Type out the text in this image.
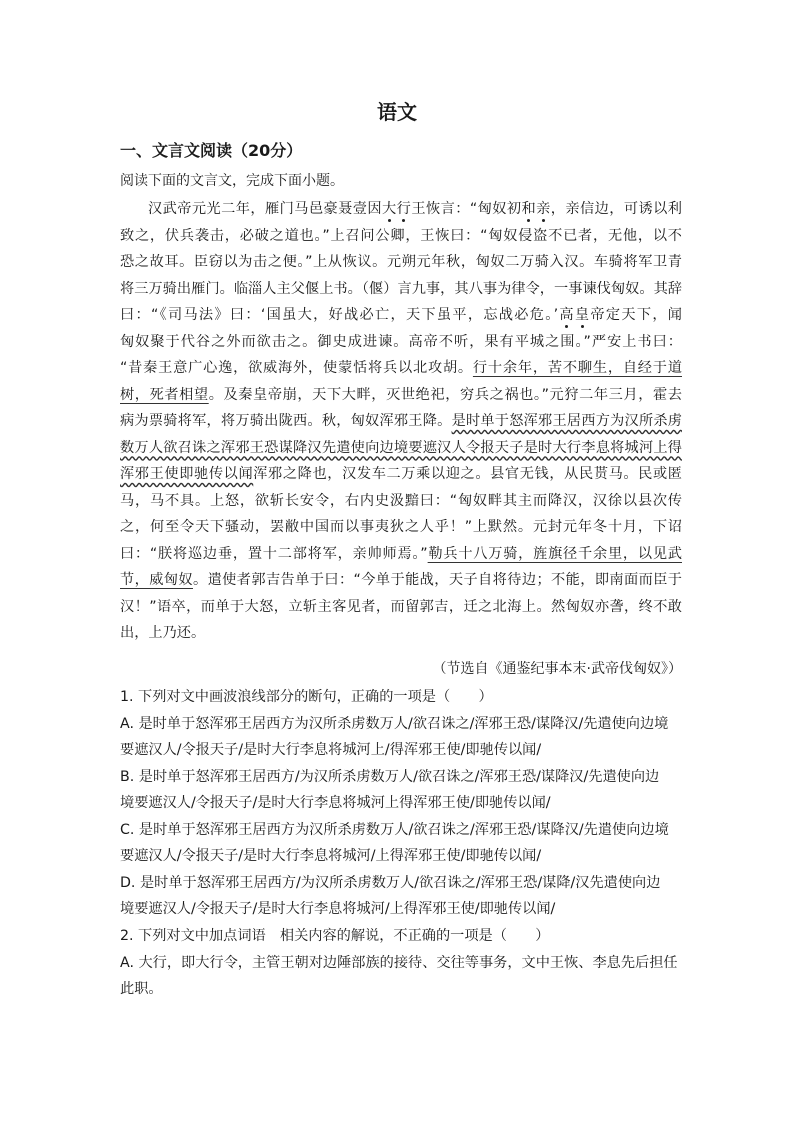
语文
一、文言文阅读（20分）
阅读下面的文言文，完成下面小题。
汉武帝元光二年，雁门马邑豪聂壹因大行王恢言：“匈奴初和亲，亲信边，可诱以利
致之，伏兵袭击，必破之道也。”上召问公卿，王恢曰：“匈奴侵盗不已者，无他，以不
恐之故耳。臣窃以为击之便。”上从恢议。元朔元年秋，匈奴二万骑入汉。车骑将军卫青
将三万骑出雁门。临淄人主父偃上书。（偃）言九事，其八事为律令，一事谏伐匈奴。其辞
曰：“《司马法》曰：‘国虽大，好战必亡，天下虽平，忘战必危。’高皇帝定天下，闻
匈奴聚于代谷之外而欲击之。御史成进谏。高帝不听，果有平城之围。”严安上书曰：
“昔秦王意广心逸，欲威海外，使蒙恬将兵以北攻胡。行十余年，苦不聊生，自经于道
树，死者相望。及秦皇帝崩，天下大畔，灭世绝祀，穷兵之祸也。”元狩二年三月，霍去
病为票骑将军，将万骑出陇西。秋，匈奴浑邪王降。是时单于怒浑邪王居西方为汉所杀虏
数万人欲召诛之浑邪王恐谋降汉先遣使向边境要遮汉人令报天子是时大行李息将城河上得
浑邪王使即驰传以闻浑邪之降也，汉发车二万乘以迎之。县官无钱，从民贳马。民或匿
马，马不具。上怒，欲斩长安令，右内史汲黯曰：“匈奴畔其主而降汉，汉徐以县次传
之，何至令天下骚动，罢敝中国而以事夷狄之人乎！”上默然。元封元年冬十月，下诏
曰：“朕将巡边垂，置十二部将军，亲帅师焉。”勒兵十八万骑，旌旗径千余里，以见武
节，威匈奴。遣使者郭吉告单于曰：“今单于能战，天子自将待边；不能，即南面而臣于
汉！”语卒，而单于大怒，立斩主客见者，而留郭吉，迁之北海上。然匈奴亦詟，终不敢
出，上乃还。
（节选自《通鉴纪事本末·武帝伐匈奴》）
1. 下列对文中画波浪线部分的断句，正确的一项是（　　）
A. 是时单于怒浑邪王居西方为汉所杀虏数万人/欲召诛之/浑邪王恐/谋降汉/先遣使向边境
要遮汉人/令报天子/是时大行李息将城河上/得浑邪王使/即驰传以闻/
B. 是时单于怒浑邪王居西方/为汉所杀虏数万人/欲召诛之/浑邪王恐/谋降汉/先遣使向边
境要遮汉人/令报天子/是时大行李息将城河上得浑邪王使/即驰传以闻/
C. 是时单于怒浑邪王居西方为汉所杀虏数万人/欲召诛之/浑邪王恐/谋降汉/先遣使向边境
要遮汉人/令报天子/是时大行李息将城河/上得浑邪王使/即驰传以闻/
D. 是时单于怒浑邪王居西方/为汉所杀虏数万人/欲召诛之/浑邪王恐/谋降/汉先遣使向边
境要遮汉人/令报天子/是时大行李息将城河/上得浑邪王使/即驰传以闻/
2. 下列对文中加点词语　相关内容的解说，不正确的一项是（　　）
A. 大行，即大行令，主管王朝对边陲部族的接待、交往等事务，文中王恢、李息先后担任
此职。
